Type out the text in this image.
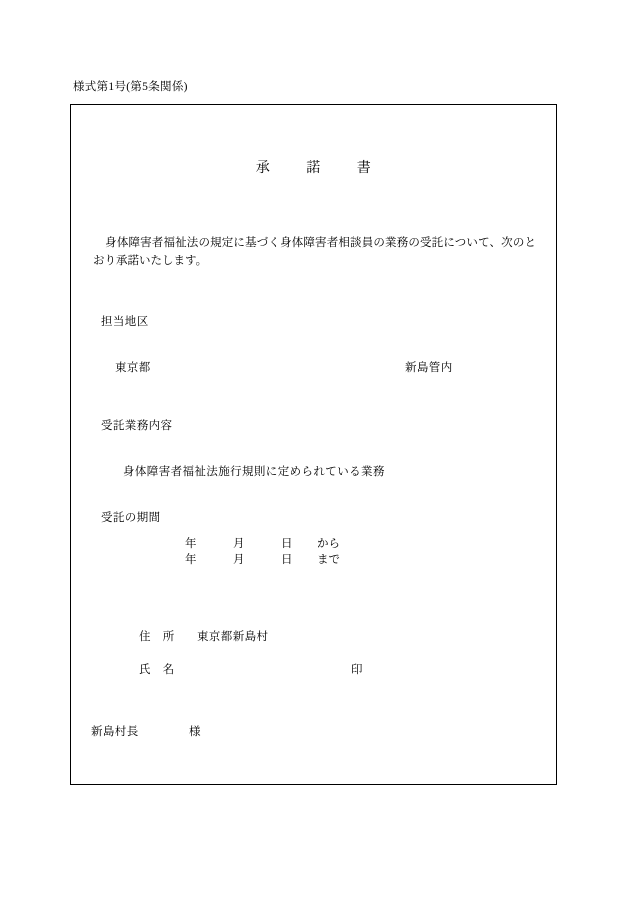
様式第1号(第5条関係)
承	諾	書
身体障害者福祉法の規定に基づく身体障害者相談員の業務の受託について、次のとおり承諾いたします。
担当地区
東京都	新島管内
受託業務内容
身体障害者福祉法施行規則に定められている業務
受託の期間
年	月	日 から
年	月	日 まで
住　所 東京都新島村
氏　名	印
新島村長	様
